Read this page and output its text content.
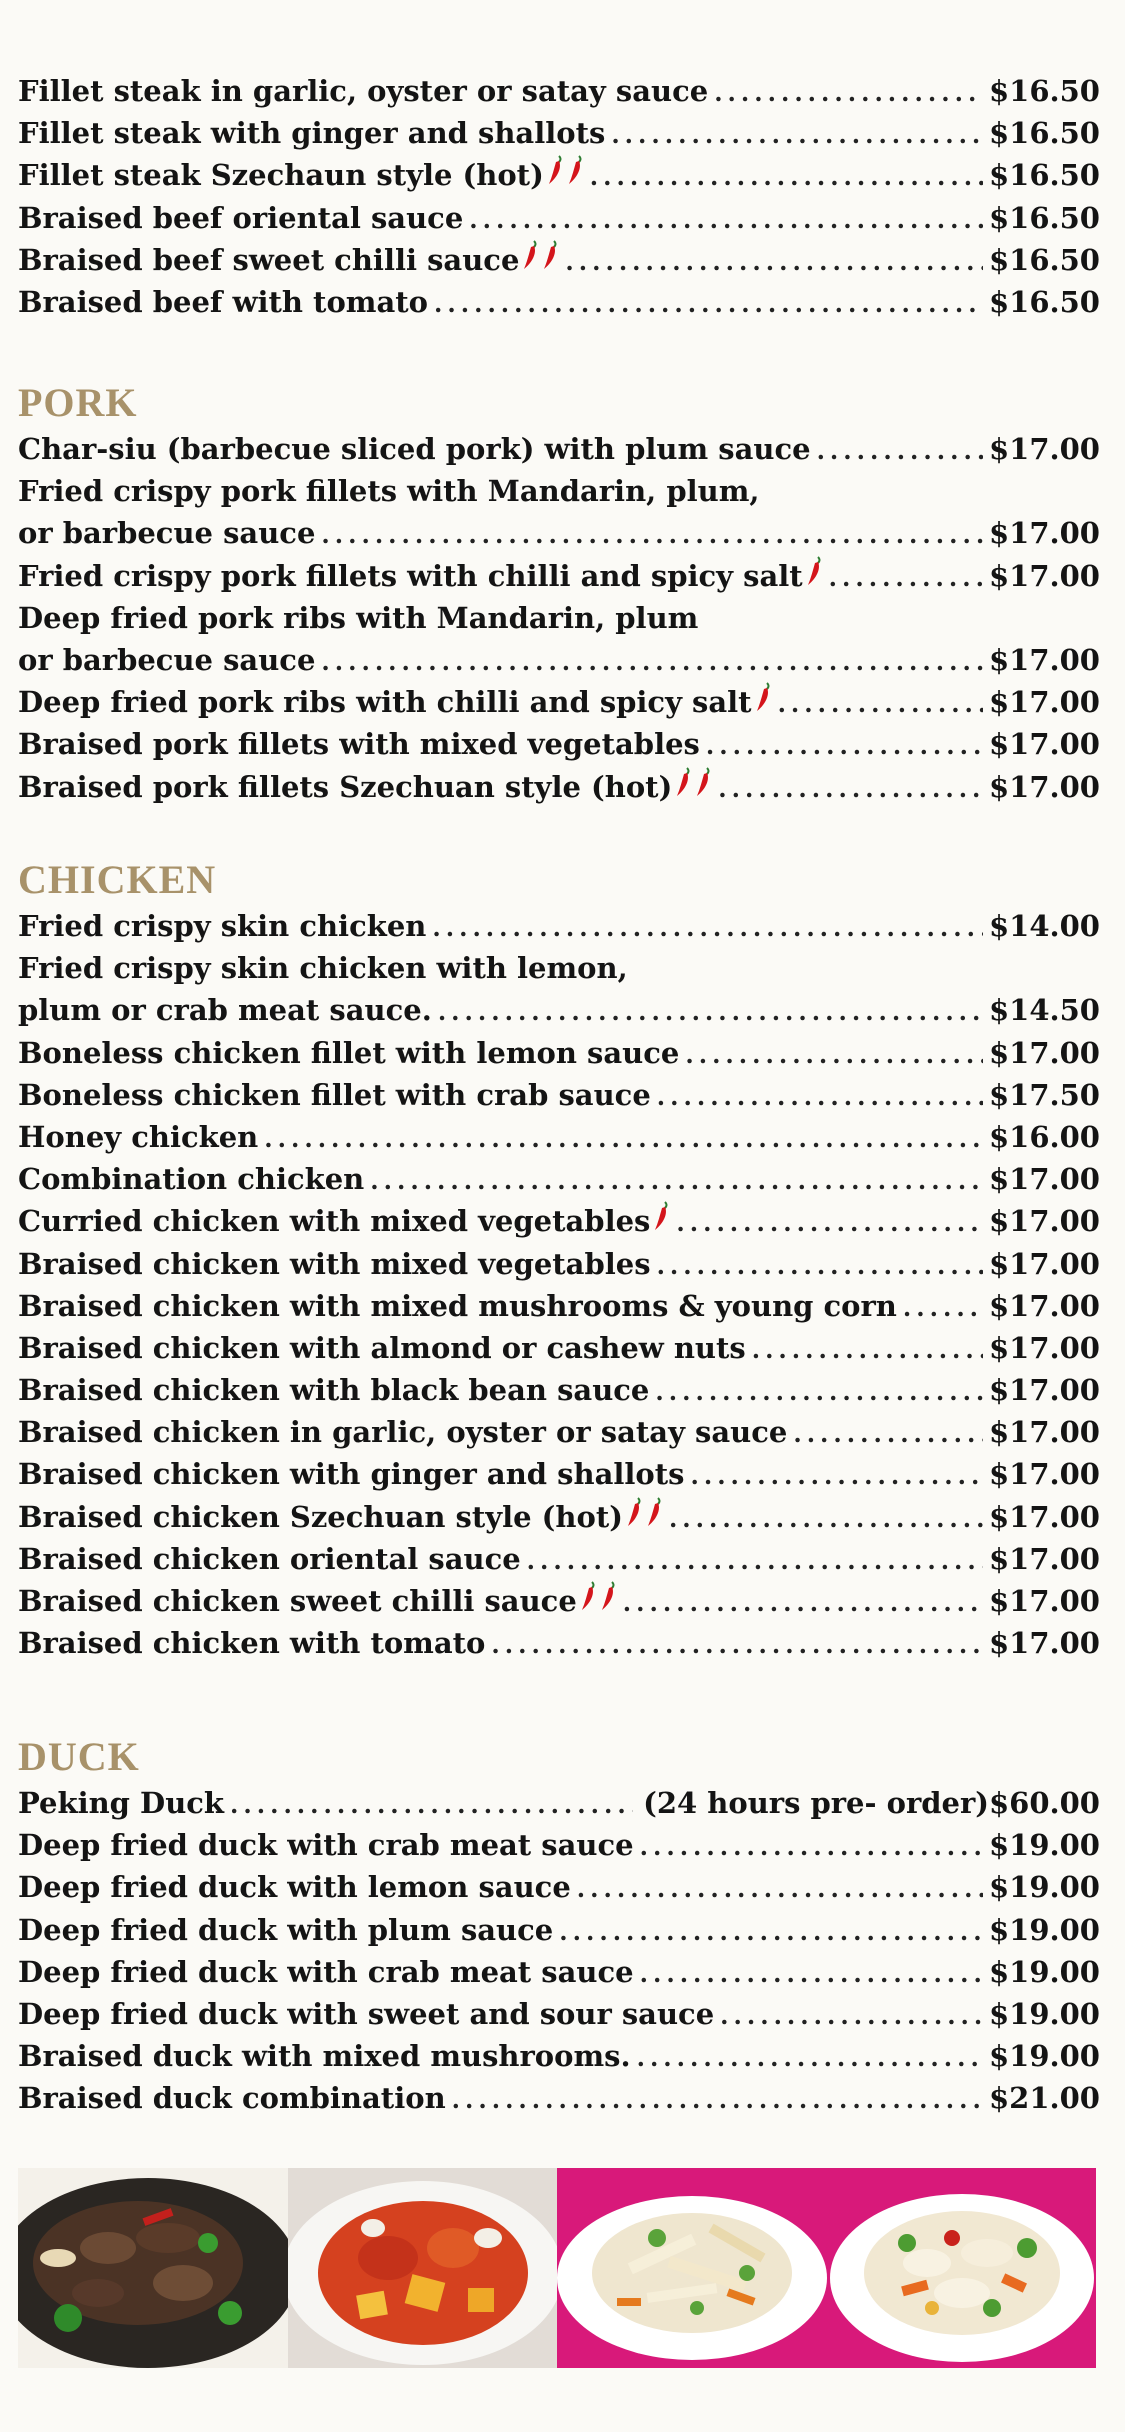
Fillet steak in garlic, oyster or satay sauce .....	$16.50
Fillet steak with ginger and shallots .....	$16.50
Fillet steak Szechaun style (hot) .....	$16.50
Braised beef oriental sauce .....	$16.50
Braised beef sweet chilli sauce .....	$16.50
Braised beef with tomato .....	$16.50
PORK
Char-siu (barbecue sliced pork) with plum sauce .....	$17.00
Fried crispy pork fillets with Mandarin, plum,
or barbecue sauce .....	$17.00
Fried crispy pork fillets with chilli and spicy salt .....	$17.00
Deep fried pork ribs with Mandarin, plum
or barbecue sauce .....	$17.00
Deep fried pork ribs with chilli and spicy salt .....	$17.00
Braised pork fillets with mixed vegetables .....	$17.00
Braised pork fillets Szechuan style (hot) .....	$17.00
CHICKEN
Fried crispy skin chicken .....	$14.00
Fried crispy skin chicken with lemon,
plum or crab meat sauce. .....	$14.50
Boneless chicken fillet with lemon sauce .....	$17.00
Boneless chicken fillet with crab sauce .....	$17.50
Honey chicken .....	$16.00
Combination chicken .....	$17.00
Curried chicken with mixed vegetables .....	$17.00
Braised chicken with mixed vegetables .....	$17.00
Braised chicken with mixed mushrooms & young corn .....	$17.00
Braised chicken with almond or cashew nuts .....	$17.00
Braised chicken with black bean sauce .....	$17.00
Braised chicken in garlic, oyster or satay sauce .....	$17.00
Braised chicken with ginger and shallots .....	$17.00
Braised chicken Szechuan style (hot) .....	$17.00
Braised chicken oriental sauce .....	$17.00
Braised chicken sweet chilli sauce .....	$17.00
Braised chicken with tomato .....	$17.00
DUCK
Peking Duck .....	(24 hours pre- order) $60.00
Deep fried duck with crab meat sauce .....	$19.00
Deep fried duck with lemon sauce .....	$19.00
Deep fried duck with plum sauce .....	$19.00
Deep fried duck with crab meat sauce .....	$19.00
Deep fried duck with sweet and sour sauce .....	$19.00
Braised duck with mixed mushrooms. .....	$19.00
Braised duck combination .....	$21.00
